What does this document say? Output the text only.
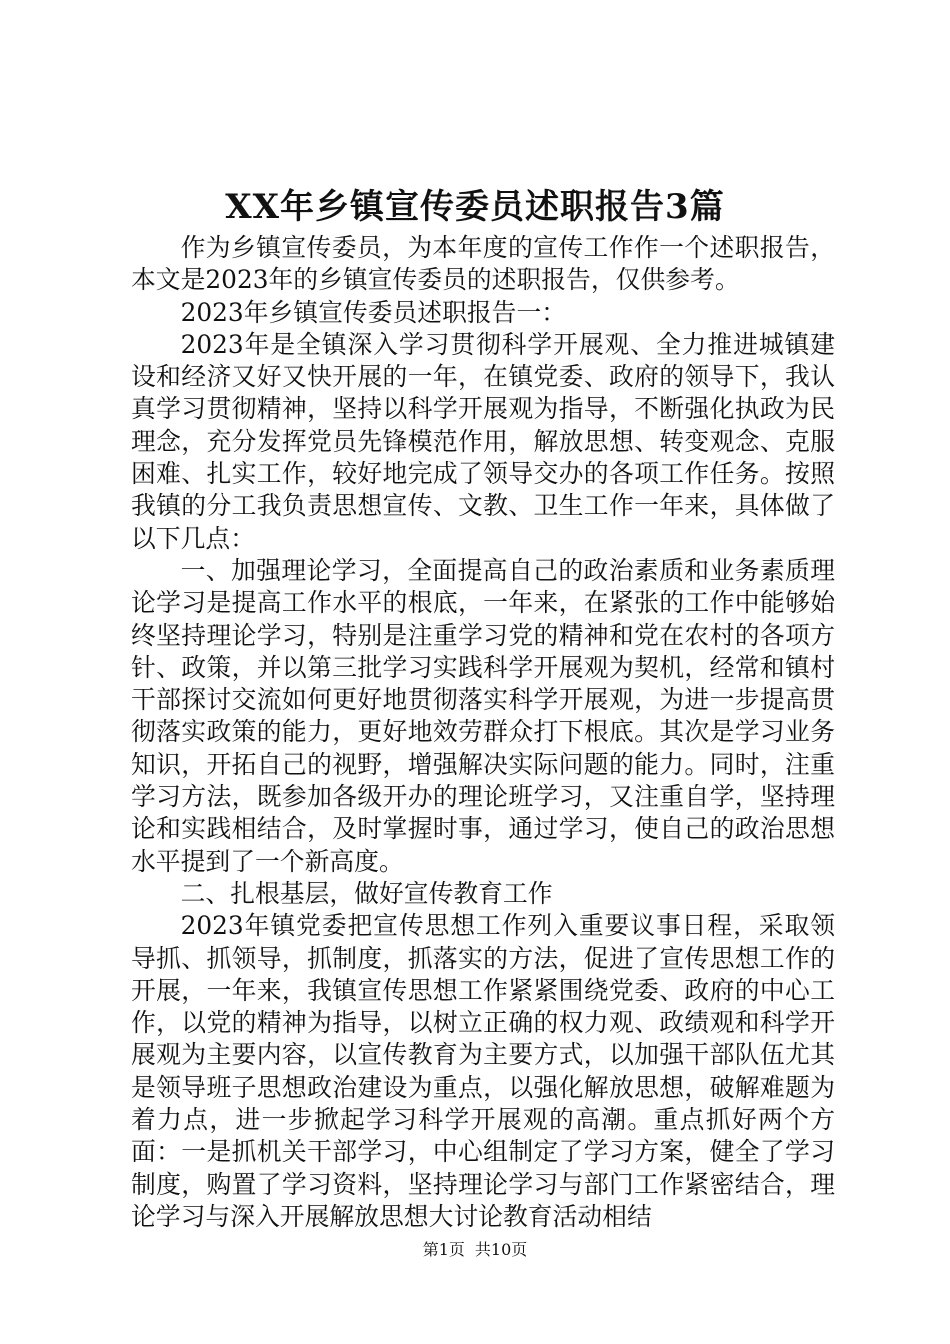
XX年乡镇宣传委员述职报告3篇

作为乡镇宣传委员，为本年度的宣传工作作一个述职报告，本文是2023年的乡镇宣传委员的述职报告，仅供参考。

2023年乡镇宣传委员述职报告一：

2023年是全镇深入学习贯彻科学开展观、全力推进城镇建设和经济又好又快开展的一年，在镇党委、政府的领导下，我认真学习贯彻精神，坚持以科学开展观为指导，不断强化执政为民理念，充分发挥党员先锋模范作用，解放思想、转变观念、克服困难、扎实工作，较好地完成了领导交办的各项工作任务。按照我镇的分工我负责思想宣传、文教、卫生工作一年来，具体做了以下几点：

一、加强理论学习，全面提高自己的政治素质和业务素质理论学习是提高工作水平的根底，一年来，在紧张的工作中能够始终坚持理论学习，特别是注重学习党的精神和党在农村的各项方针、政策，并以第三批学习实践科学开展观为契机，经常和镇村干部探讨交流如何更好地贯彻落实科学开展观，为进一步提高贯彻落实政策的能力，更好地效劳群众打下根底。其次是学习业务知识，开拓自己的视野，增强解决实际问题的能力。同时，注重学习方法，既参加各级开办的理论班学习，又注重自学，坚持理论和实践相结合，及时掌握时事，通过学习，使自己的政治思想水平提到了一个新高度。

二、扎根基层，做好宣传教育工作

2023年镇党委把宣传思想工作列入重要议事日程，采取领导抓、抓领导，抓制度，抓落实的方法，促进了宣传思想工作的开展，一年来，我镇宣传思想工作紧紧围绕党委、政府的中心工作，以党的精神为指导，以树立正确的权力观、政绩观和科学开展观为主要内容，以宣传教育为主要方式，以加强干部队伍尤其是领导班子思想政治建设为重点，以强化解放思想，破解难题为着力点，进一步掀起学习科学开展观的高潮。重点抓好两个方面：一是抓机关干部学习，中心组制定了学习方案，健全了学习制度，购置了学习资料，坚持理论学习与部门工作紧密结合，理论学习与深入开展解放思想大讨论教育活动相结

第1页 共10页
